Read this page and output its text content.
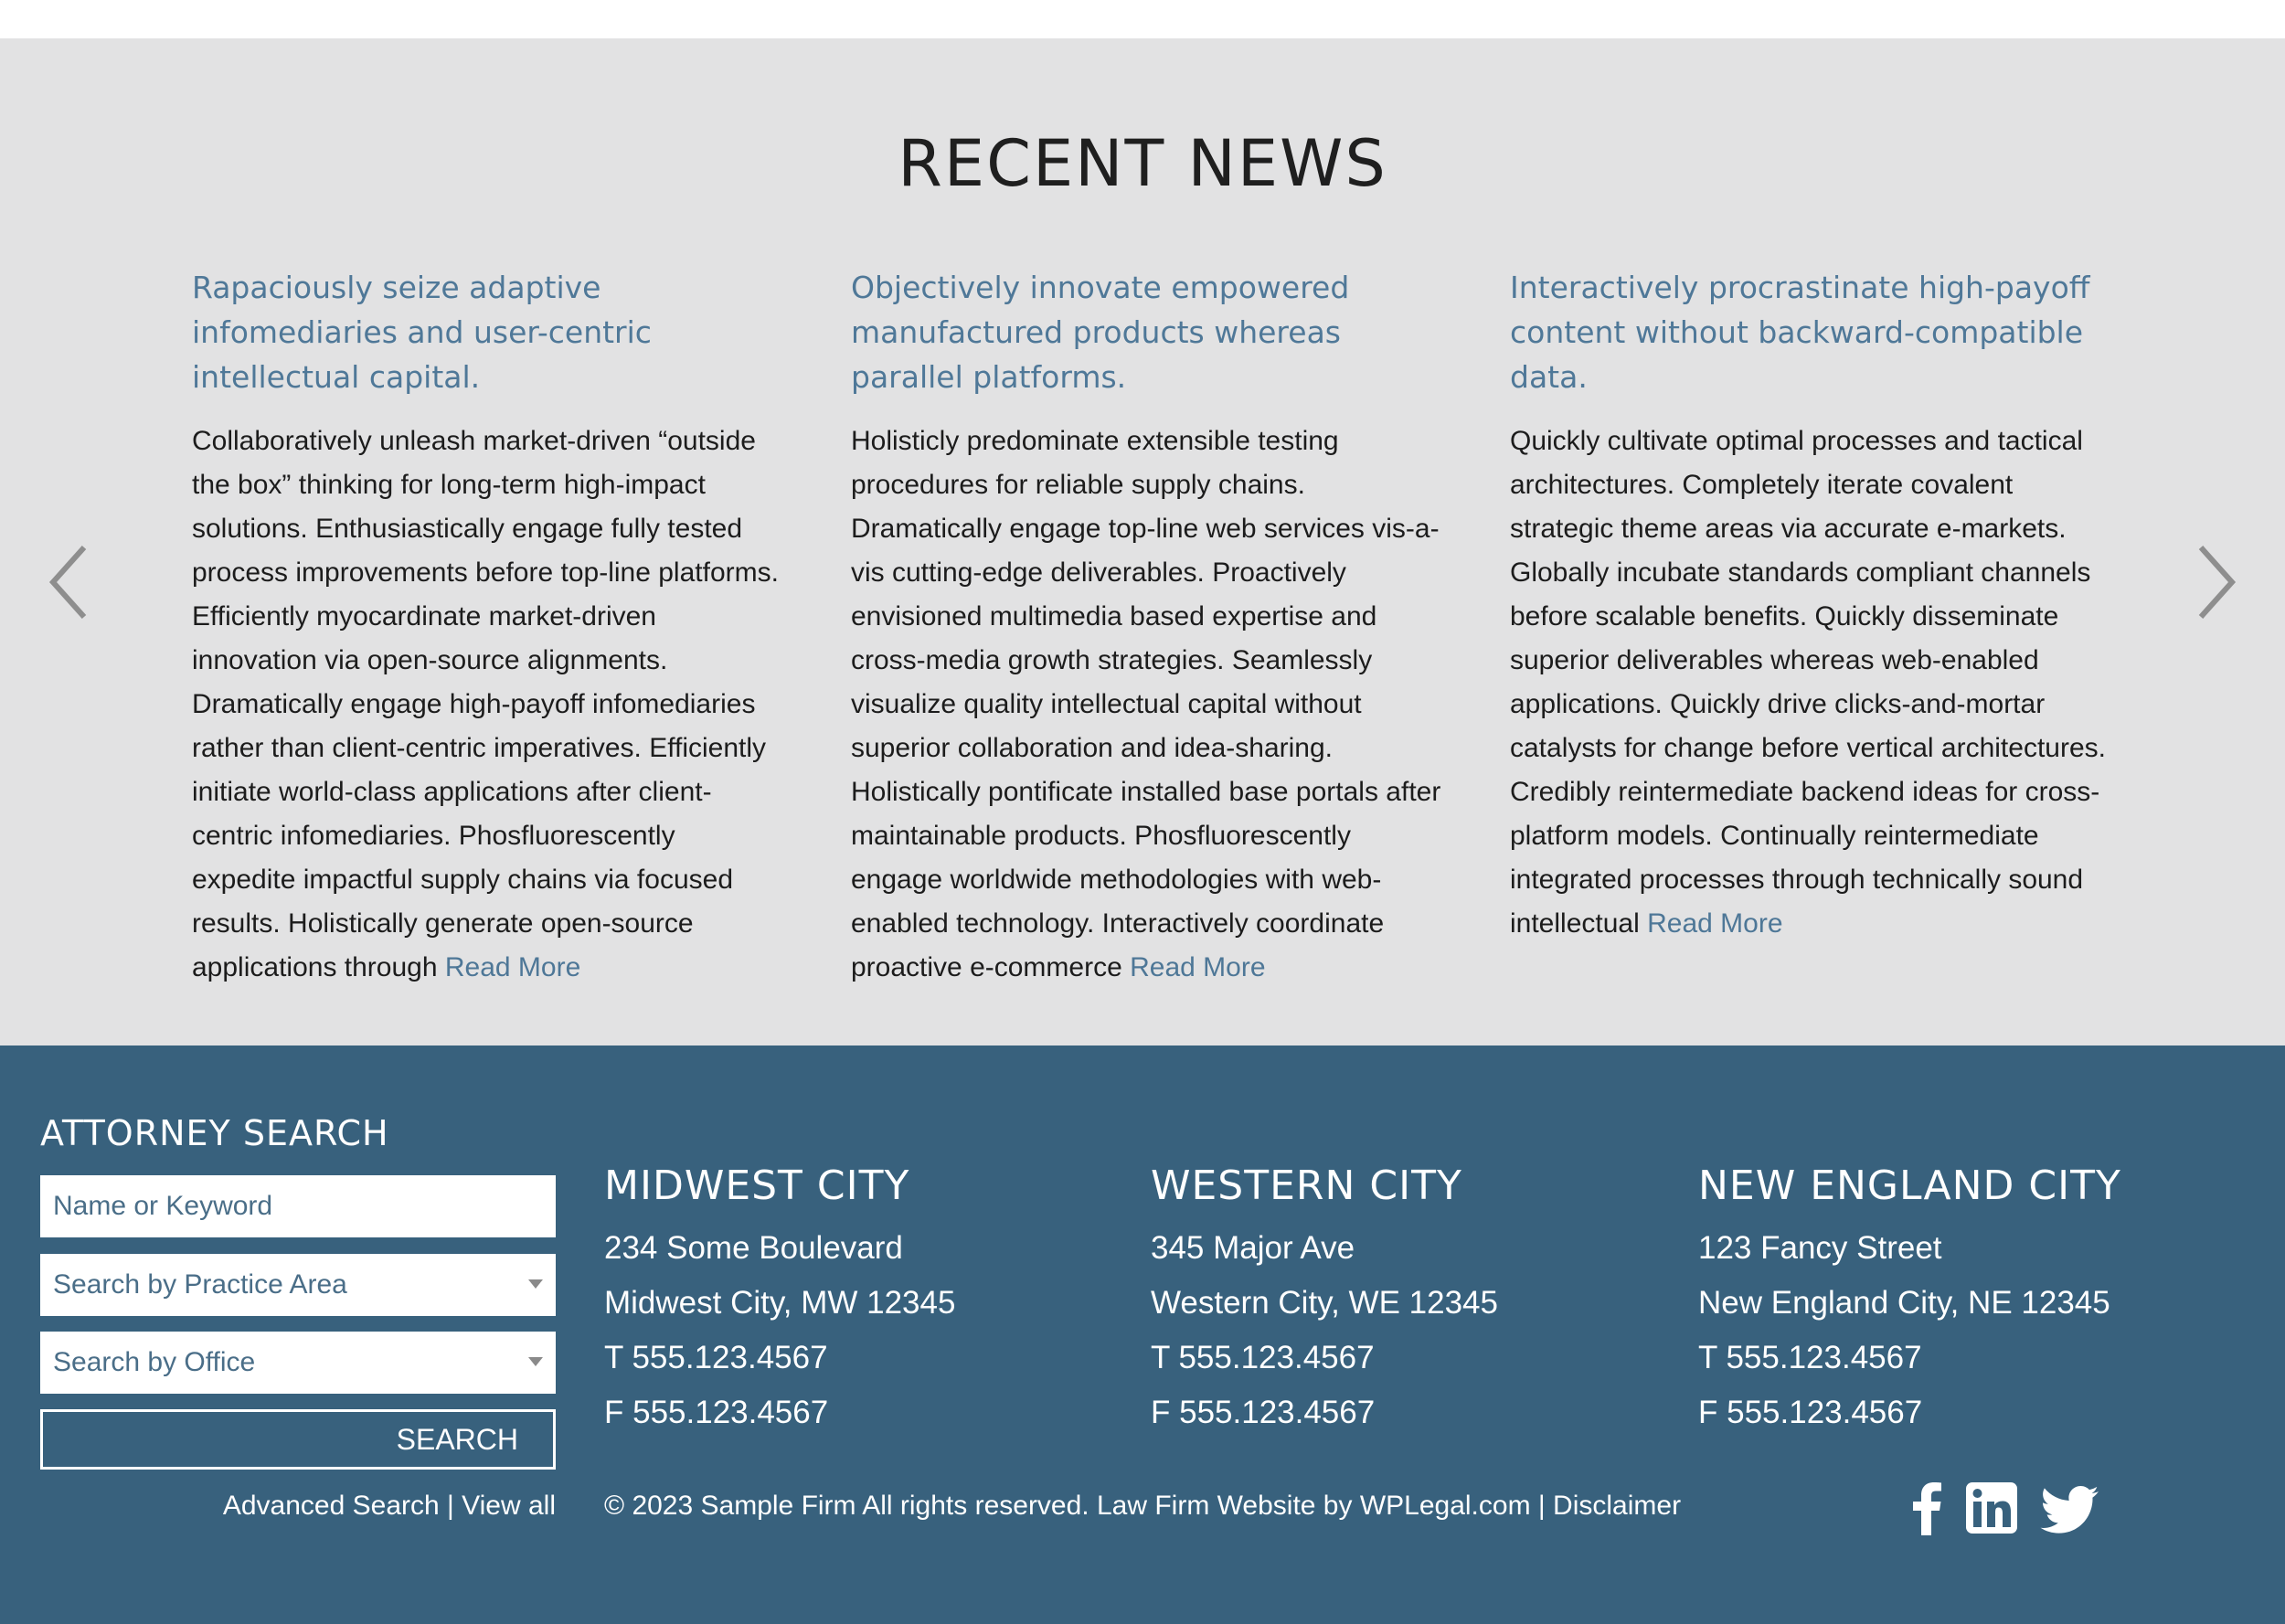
RECENT NEWS
Rapaciously seize adaptive infomediaries and user-centric intellectual capital.

Collaboratively unleash market-driven “outside the box” thinking for long-term high-impact solutions. Enthusiastically engage fully tested process improvements before top-line platforms. Efficiently myocardinate market-driven innovation via open-source alignments. Dramatically engage high-payoff infomediaries rather than client-centric imperatives. Efficiently initiate world-class applications after client-centric infomediaries. Phosfluorescently expedite impactful supply chains via focused results. Holistically generate open-source applications through Read More

Objectively innovate empowered manufactured products whereas parallel platforms.

Holisticly predominate extensible testing procedures for reliable supply chains. Dramatically engage top-line web services vis-a-vis cutting-edge deliverables. Proactively envisioned multimedia based expertise and cross-media growth strategies. Seamlessly visualize quality intellectual capital without superior collaboration and idea-sharing. Holistically pontificate installed base portals after maintainable products. Phosfluorescently engage worldwide methodologies with web-enabled technology. Interactively coordinate proactive e-commerce Read More

Interactively procrastinate high-payoff content without backward-compatible data.

Quickly cultivate optimal processes and tactical architectures. Completely iterate covalent strategic theme areas via accurate e-markets. Globally incubate standards compliant channels before scalable benefits. Quickly disseminate superior deliverables whereas web-enabled applications. Quickly drive clicks-and-mortar catalysts for change before vertical architectures. Credibly reintermediate backend ideas for cross-platform models. Continually reintermediate integrated processes through technically sound intellectual Read More

ATTORNEY SEARCH
Name or Keyword
Search by Practice Area
Search by Office
SEARCH
Advanced Search | View all
MIDWEST CITY
234 Some Boulevard
Midwest City, MW 12345
T 555.123.4567
F 555.123.4567
WESTERN CITY
345 Major Ave
Western City, WE 12345
T 555.123.4567
F 555.123.4567
NEW ENGLAND CITY
123 Fancy Street
New England City, NE 12345
T 555.123.4567
F 555.123.4567
© 2023 Sample Firm All rights reserved. Law Firm Website by WPLegal.com | Disclaimer
